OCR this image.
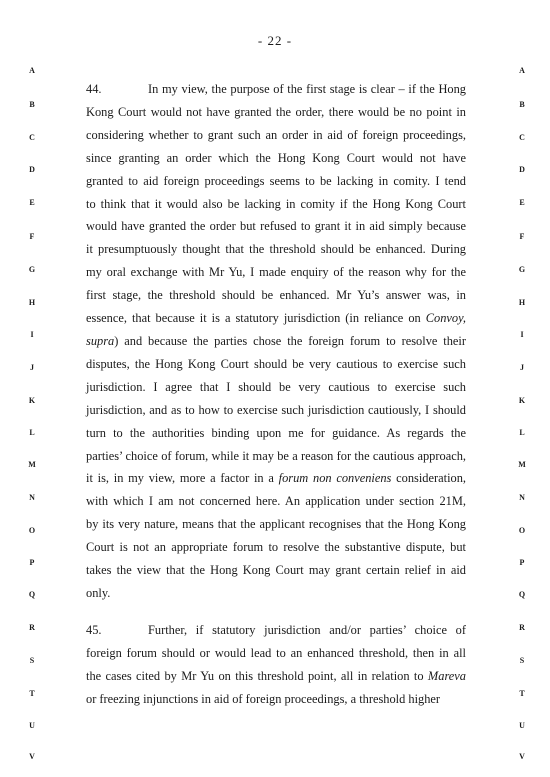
- 22 -
A
B
C
D
E
F
G
H
I
J
K
L
M
N
O
P
Q
R
S
T
U
V
A
B
C
D
E
F
G
H
I
J
K
L
M
N
O
P
Q
R
S
T
U
V
44.	In my view, the purpose of the first stage is clear – if the Hong
Kong Court would not have granted the order, there would be no point in
considering whether to grant such an order in aid of foreign proceedings,
since granting an order which the Hong Kong Court would not have
granted to aid foreign proceedings seems to be lacking in comity. I tend
to think that it would also be lacking in comity if the Hong Kong Court
would have granted the order but refused to grant it in aid simply because
it presumptuously thought that the threshold should be enhanced. During
my oral exchange with Mr Yu, I made enquiry of the reason why for the
first stage, the threshold should be enhanced. Mr Yu’s answer was, in
essence, that because it is a statutory jurisdiction (in reliance on Convoy,
supra) and because the parties chose the foreign forum to resolve their
disputes, the Hong Kong Court should be very cautious to exercise such
jurisdiction. I agree that I should be very cautious to exercise such
jurisdiction, and as to how to exercise such jurisdiction cautiously, I should
turn to the authorities binding upon me for guidance. As regards the
parties’ choice of forum, while it may be a reason for the cautious approach,
it is, in my view, more a factor in a forum non conveniens consideration,
with which I am not concerned here. An application under section 21M,
by its very nature, means that the applicant recognises that the Hong Kong
Court is not an appropriate forum to resolve the substantive dispute, but
takes the view that the Hong Kong Court may grant certain relief in aid
only.
45.	Further, if statutory jurisdiction and/or parties’ choice of
foreign forum should or would lead to an enhanced threshold, then in all
the cases cited by Mr Yu on this threshold point, all in relation to Mareva
or freezing injunctions in aid of foreign proceedings, a threshold higher
